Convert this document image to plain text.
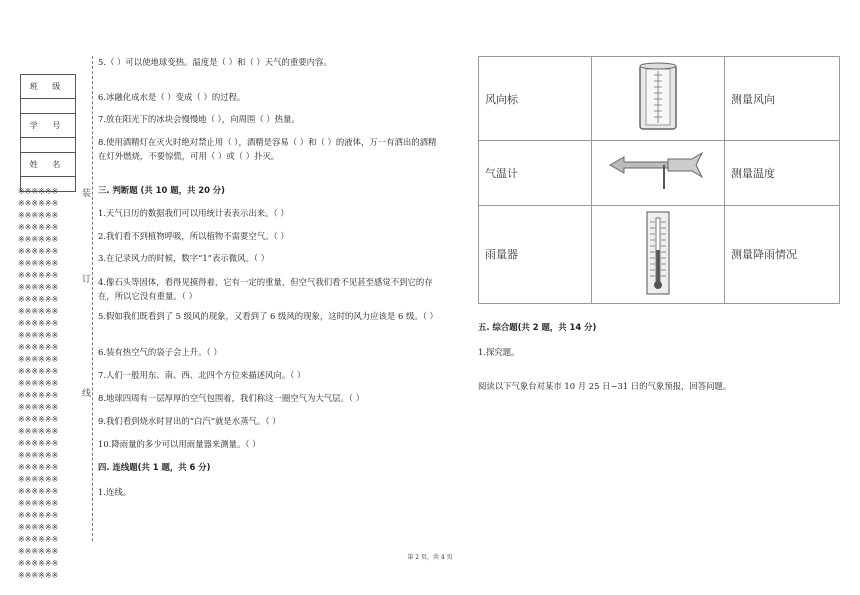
班 级

学 号

姓 名

※※※※※※
※※※※※※
※※※※※※
※※※※※※
※※※※※※
※※※※※※
※※※※※※
※※※※※※
※※※※※※
※※※※※※
※※※※※※
※※※※※※
※※※※※※
※※※※※※
※※※※※※
※※※※※※
※※※※※※
※※※※※※
※※※※※※
※※※※※※
※※※※※※
※※※※※※
※※※※※※
※※※※※※
※※※※※※
※※※※※※
※※※※※※
※※※※※※
※※※※※※
※※※※※※
※※※※※※
※※※※※※
※※※※※※
装
订
线
5.（ ）可以使地球变热。温度是（ ）和（ ）天气的重要内容。
6.冰融化成水是（ ）变成（ ）的过程。
7.放在阳光下的冰块会慢慢地（ ），向周围（ ）热量。
8.使用酒精灯在灭火时绝对禁止用（ ），酒精是容易（ ）和（ ）的液体，万一有洒出的酒精在灯外燃烧，不要惊慌，可用（ ）或（ ）扑灭。
三. 判断题 (共 10 题，共 20 分)
1.天气日历的数据我们可以用统计表表示出来。（ ）
2.我们看不到植物呼吸，所以植物不需要空气。（ ）
3.在记录风力的时候，数字“1”表示微风。（ ）
4.像石头等固体，看得见摸得着，它有一定的重量，但空气我们看不见甚至感觉不到它的存在，所以它没有重量。（ ）
5.假如我们既看到了 5 级风的现象，又看到了 6 级风的现象，这时的风力应该是 6 级。（ ）
6.装有热空气的袋子会上升。（ ）
7.人们一般用东、南、西、北四个方位来描述风向。（ ）
8.地球四周有一层厚厚的空气包围着，我们称这一圈空气为大气层。（ ）
9.我们看到烧水时冒出的“白汽”就是水蒸气。（ ）
10.降雨量的多少可以用雨量器来测量。（ ）
四. 连线题(共 1 题，共 6 分)
1.连线。
风向标		测量风向
气温计		测量温度
雨量器		测量降雨情况
五. 综合题(共 2 题，共 14 分)
1.探究题。
阅读以下气象台对某市 10 月 25 日~31 日的气象预报，回答问题。
第 2 页，共 4 页
